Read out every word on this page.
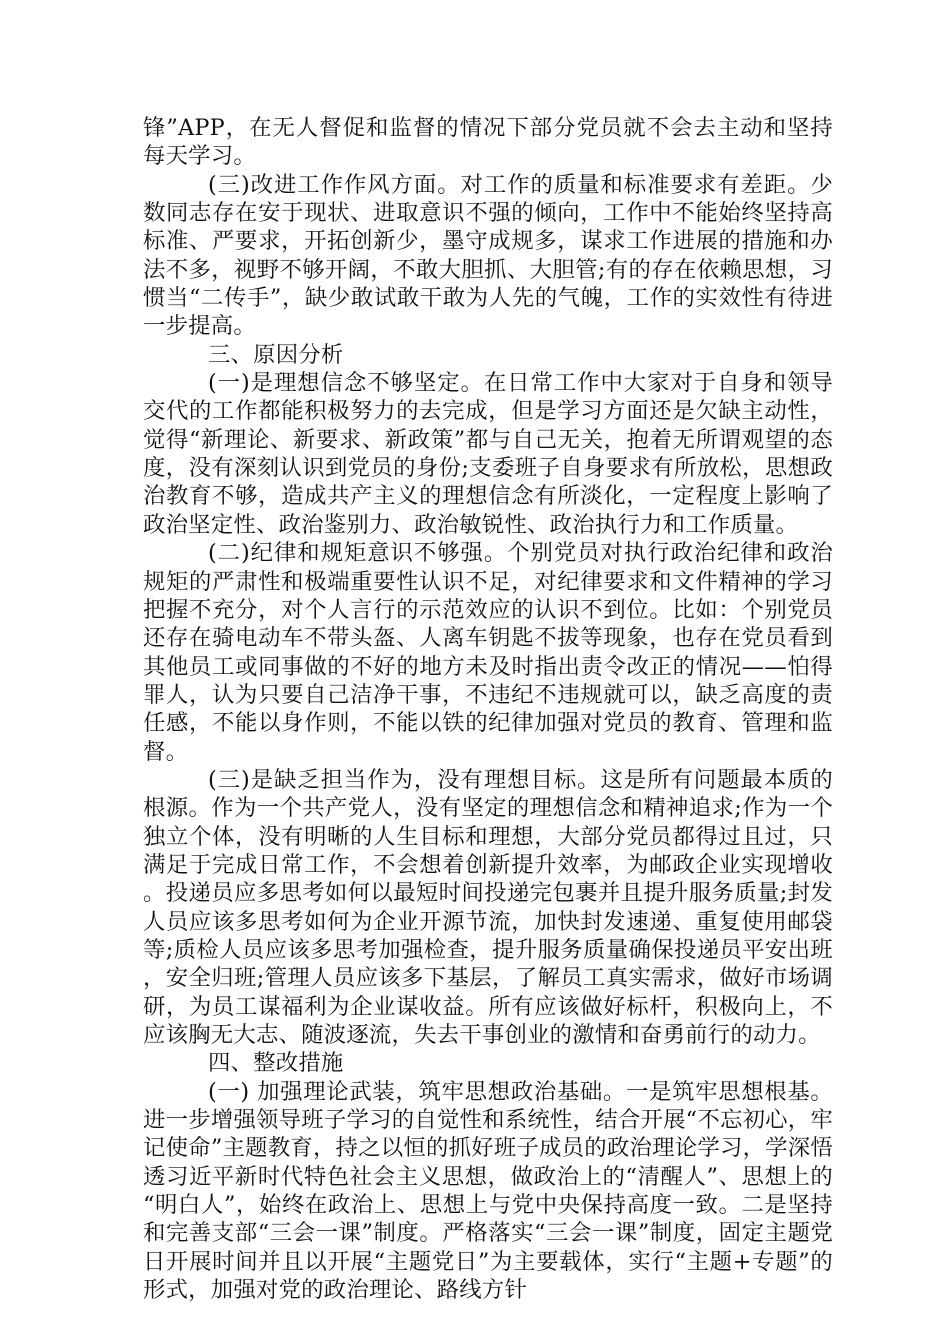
锋”APP，在无人督促和监督的情况下部分党员就不会去主动和坚持每天学习。

(三)改进工作作风方面。对工作的质量和标准要求有差距。少数同志存在安于现状、进取意识不强的倾向，工作中不能始终坚持高标准、严要求，开拓创新少，墨守成规多，谋求工作进展的措施和办法不多，视野不够开阔，不敢大胆抓、大胆管;有的存在依赖思想，习惯当“二传手”，缺少敢试敢干敢为人先的气魄，工作的实效性有待进一步提高。

三、原因分析

(一)是理想信念不够坚定。在日常工作中大家对于自身和领导交代的工作都能积极努力的去完成，但是学习方面还是欠缺主动性，觉得“新理论、新要求、新政策”都与自己无关，抱着无所谓观望的态度，没有深刻认识到党员的身份;支委班子自身要求有所放松，思想政治教育不够，造成共产主义的理想信念有所淡化，一定程度上影响了政治坚定性、政治鉴别力、政治敏锐性、政治执行力和工作质量。

(二)纪律和规矩意识不够强。个别党员对执行政治纪律和政治规矩的严肃性和极端重要性认识不足，对纪律要求和文件精神的学习把握不充分，对个人言行的示范效应的认识不到位。比如：个别党员还存在骑电动车不带头盔、人离车钥匙不拔等现象，也存在党员看到其他员工或同事做的不好的地方未及时指出责令改正的情况——怕得罪人，认为只要自己洁净干事，不违纪不违规就可以，缺乏高度的责任感，不能以身作则，不能以铁的纪律加强对党员的教育、管理和监督。

(三)是缺乏担当作为，没有理想目标。这是所有问题最本质的根源。作为一个共产党人，没有坚定的理想信念和精神追求;作为一个独立个体，没有明晰的人生目标和理想，大部分党员都得过且过，只满足于完成日常工作，不会想着创新提升效率，为邮政企业实现增收。投递员应多思考如何以最短时间投递完包裹并且提升服务质量;封发人员应该多思考如何为企业开源节流，加快封发速递、重复使用邮袋等;质检人员应该多思考加强检查，提升服务质量确保投递员平安出班，安全归班;管理人员应该多下基层，了解员工真实需求，做好市场调研，为员工谋福利为企业谋收益。所有应该做好标杆，积极向上，不应该胸无大志、随波逐流，失去干事创业的激情和奋勇前行的动力。

四、整改措施

(一) 加强理论武装，筑牢思想政治基础。一是筑牢思想根基。进一步增强领导班子学习的自觉性和系统性，结合开展“不忘初心，牢记使命”主题教育，持之以恒的抓好班子成员的政治理论学习，学深悟透习近平新时代特色社会主义思想，做政治上的“清醒人”、思想上的“明白人”，始终在政治上、思想上与党中央保持高度一致。二是坚持和完善支部“三会一课”制度。严格落实“三会一课”制度，固定主题党日开展时间并且以开展“主题党日”为主要载体，实行“主题+专题”的形式，加强对党的政治理论、路线方针
